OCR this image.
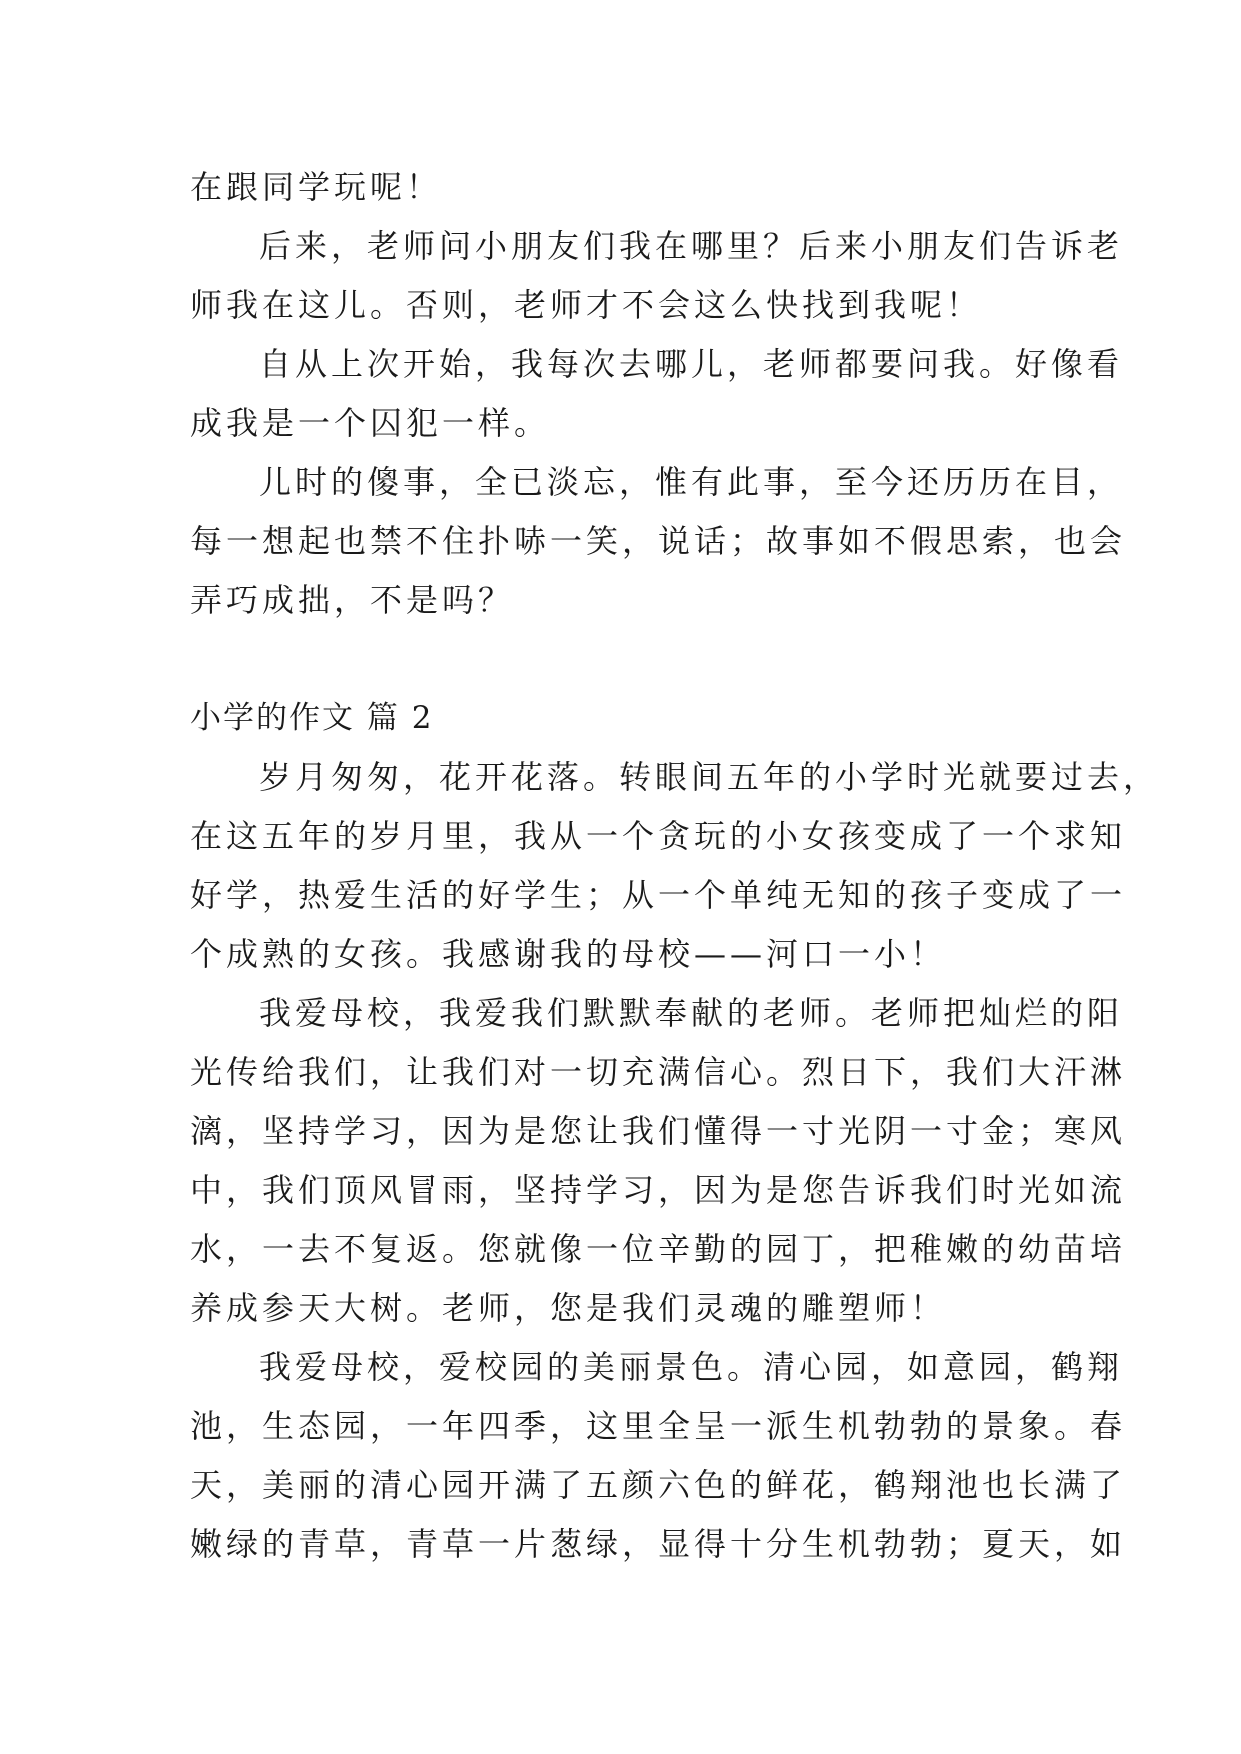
在跟同学玩呢！

后来，老师问小朋友们我在哪里？后来小朋友们告诉老

师我在这儿。否则，老师才不会这么快找到我呢！

自从上次开始，我每次去哪儿，老师都要问我。好像看

成我是一个囚犯一样。

儿时的傻事，全已淡忘，惟有此事，至今还历历在目，

每一想起也禁不住扑哧一笑，说话；故事如不假思索，也会

弄巧成拙，不是吗？

小学的作文 篇 2

岁月匆匆，花开花落。转眼间五年的小学时光就要过去，

在这五年的岁月里，我从一个贪玩的小女孩变成了一个求知

好学，热爱生活的好学生；从一个单纯无知的孩子变成了一

个成熟的女孩。我感谢我的母校——河口一小！

我爱母校，我爱我们默默奉献的老师。老师把灿烂的阳

光传给我们，让我们对一切充满信心。烈日下，我们大汗淋

漓，坚持学习，因为是您让我们懂得一寸光阴一寸金；寒风

中，我们顶风冒雨，坚持学习，因为是您告诉我们时光如流

水，一去不复返。您就像一位辛勤的园丁，把稚嫩的幼苗培

养成参天大树。老师，您是我们灵魂的雕塑师！

我爱母校，爱校园的美丽景色。清心园，如意园，鹤翔

池，生态园，一年四季，这里全呈一派生机勃勃的景象。春

天，美丽的清心园开满了五颜六色的鲜花，鹤翔池也长满了

嫩绿的青草，青草一片葱绿，显得十分生机勃勃；夏天，如
